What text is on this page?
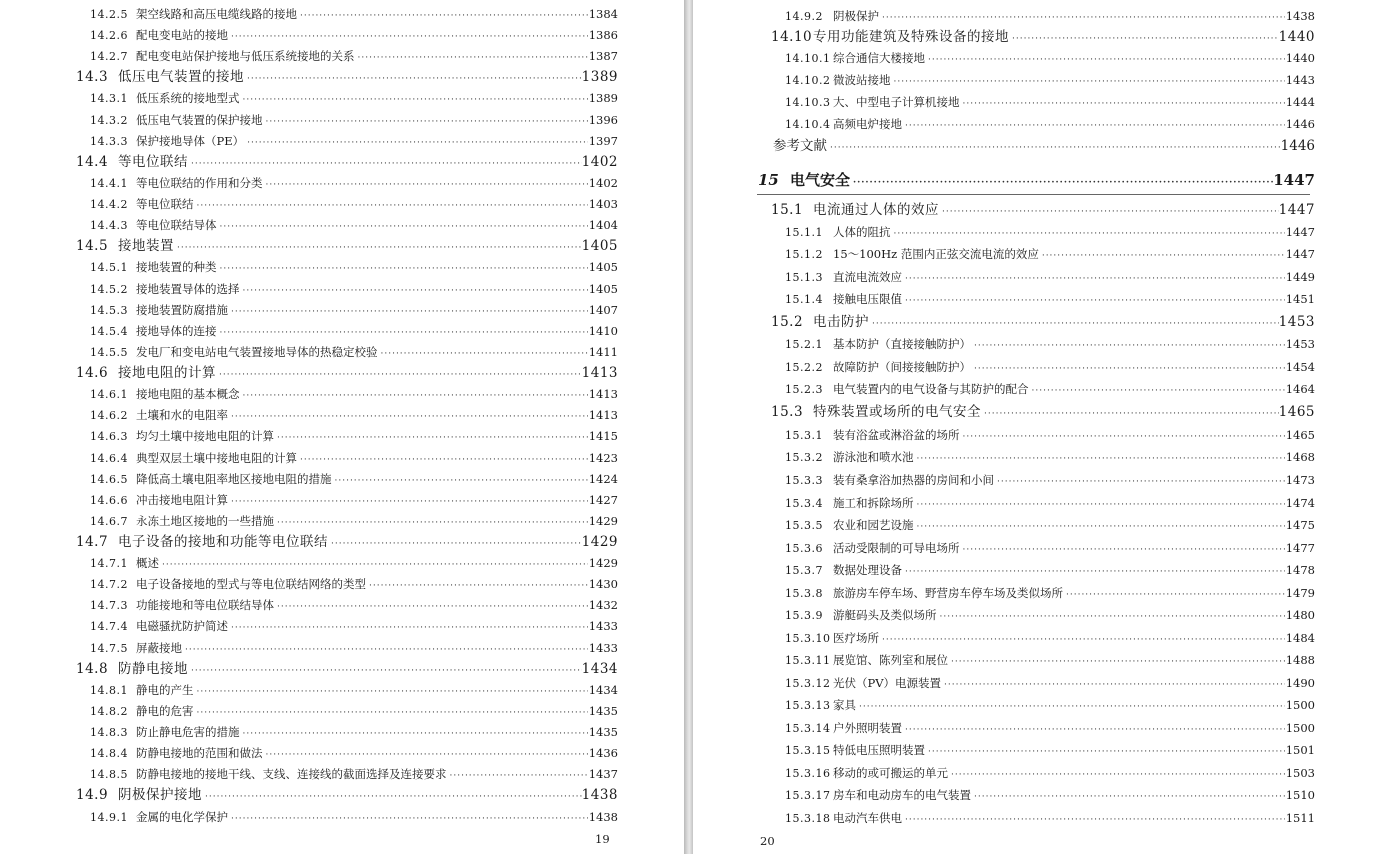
14.2.5 架空线路和高压电缆线路的接地 ·····	1384
14.2.6 配电变电站的接地 ·····	1386
14.2.7 配电变电站保护接地与低压系统接地的关系 ·····	1387
14.3 低压电气装置的接地 ·····	1389
14.3.1 低压系统的接地型式 ·····	1389
14.3.2 低压电气装置的保护接地 ·····	1396
14.3.3 保护接地导体（PE） ·····	1397
14.4 等电位联结 ·····	1402
14.4.1 等电位联结的作用和分类 ·····	1402
14.4.2 等电位联结 ·····	1403
14.4.3 等电位联结导体 ·····	1404
14.5 接地装置 ·····	1405
14.5.1 接地装置的种类 ·····	1405
14.5.2 接地装置导体的选择 ·····	1405
14.5.3 接地装置防腐措施 ·····	1407
14.5.4 接地导体的连接 ·····	1410
14.5.5 发电厂和变电站电气装置接地导体的热稳定校验 ·····	1411
14.6 接地电阻的计算 ·····	1413
14.6.1 接地电阻的基本概念 ·····	1413
14.6.2 土壤和水的电阻率 ·····	1413
14.6.3 均匀土壤中接地电阻的计算 ·····	1415
14.6.4 典型双层土壤中接地电阻的计算 ·····	1423
14.6.5 降低高土壤电阻率地区接地电阻的措施 ·····	1424
14.6.6 冲击接地电阻计算 ·····	1427
14.6.7 永冻土地区接地的一些措施 ·····	1429
14.7 电子设备的接地和功能等电位联结 ·····	1429
14.7.1 概述 ·····	1429
14.7.2 电子设备接地的型式与等电位联结网络的类型 ·····	1430
14.7.3 功能接地和等电位联结导体 ·····	1432
14.7.4 电磁骚扰防护简述 ·····	1433
14.7.5 屏蔽接地 ·····	1433
14.8 防静电接地 ·····	1434
14.8.1 静电的产生 ·····	1434
14.8.2 静电的危害 ·····	1435
14.8.3 防止静电危害的措施 ·····	1435
14.8.4 防静电接地的范围和做法 ·····	1436
14.8.5 防静电接地的接地干线、支线、连接线的截面选择及连接要求 ·····	1437
14.9 阴极保护接地 ·····	1438
14.9.1 金属的电化学保护 ·····	1438
19
14.9.2 阴极保护 ·····	1438
14.10 专用功能建筑及特殊设备的接地 ·····	1440
14.10.1 综合通信大楼接地 ·····	1440
14.10.2 微波站接地 ·····	1443
14.10.3 大、中型电子计算机接地 ·····	1444
14.10.4 高频电炉接地 ·····	1446
参考文献 ·····	1446
15 电气安全 ·····	1447
15.1 电流通过人体的效应 ·····	1447
15.1.1 人体的阻抗 ·····	1447
15.1.2 15～100Hz 范围内正弦交流电流的效应 ·····	1447
15.1.3 直流电流效应 ·····	1449
15.1.4 接触电压限值 ·····	1451
15.2 电击防护 ·····	1453
15.2.1 基本防护（直接接触防护） ·····	1453
15.2.2 故障防护（间接接触防护） ·····	1454
15.2.3 电气装置内的电气设备与其防护的配合 ·····	1464
15.3 特殊装置或场所的电气安全 ·····	1465
15.3.1 装有浴盆或淋浴盆的场所 ·····	1465
15.3.2 游泳池和喷水池 ·····	1468
15.3.3 装有桑拿浴加热器的房间和小间 ·····	1473
15.3.4 施工和拆除场所 ·····	1474
15.3.5 农业和园艺设施 ·····	1475
15.3.6 活动受限制的可导电场所 ·····	1477
15.3.7 数据处理设备 ·····	1478
15.3.8 旅游房车停车场、野营房车停车场及类似场所 ·····	1479
15.3.9 游艇码头及类似场所 ·····	1480
15.3.10 医疗场所 ·····	1484
15.3.11 展览馆、陈列室和展位 ·····	1488
15.3.12 光伏（PV）电源装置 ·····	1490
15.3.13 家具 ·····	1500
15.3.14 户外照明装置 ·····	1500
15.3.15 特低电压照明装置 ·····	1501
15.3.16 移动的或可搬运的单元 ·····	1503
15.3.17 房车和电动房车的电气装置 ·····	1510
15.3.18 电动汽车供电 ·····	1511
20
